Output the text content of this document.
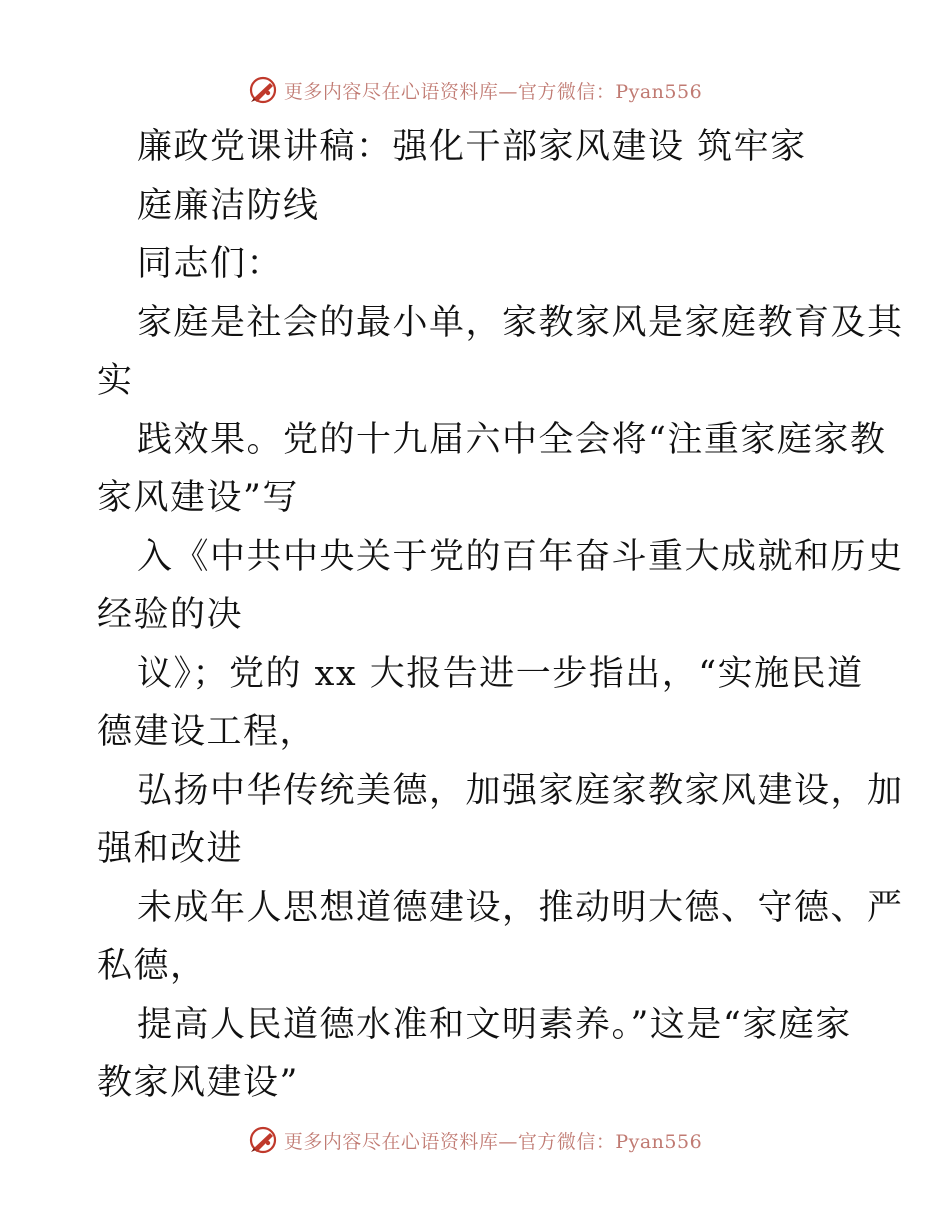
更多内容尽在心语资料库—官方微信：Pyan556
廉政党课讲稿：强化干部家风建设 筑牢家
庭廉洁防线
同志们：
家庭是社会的最小单，家教家风是家庭教育及其
实
践效果。党的十九届六中全会将“注重家庭家教
家风建设”写
入《中共中央关于党的百年奋斗重大成就和历史
经验的决
议》；党的 xx 大报告进一步指出，“实施民道
德建设工程，
弘扬中华传统美德，加强家庭家教家风建设，加
强和改进
未成年人思想道德建设，推动明大德、守德、严
私德，
提高人民道德水准和文明素养。”这是“家庭家
教家风建设”
更多内容尽在心语资料库—官方微信：Pyan556
